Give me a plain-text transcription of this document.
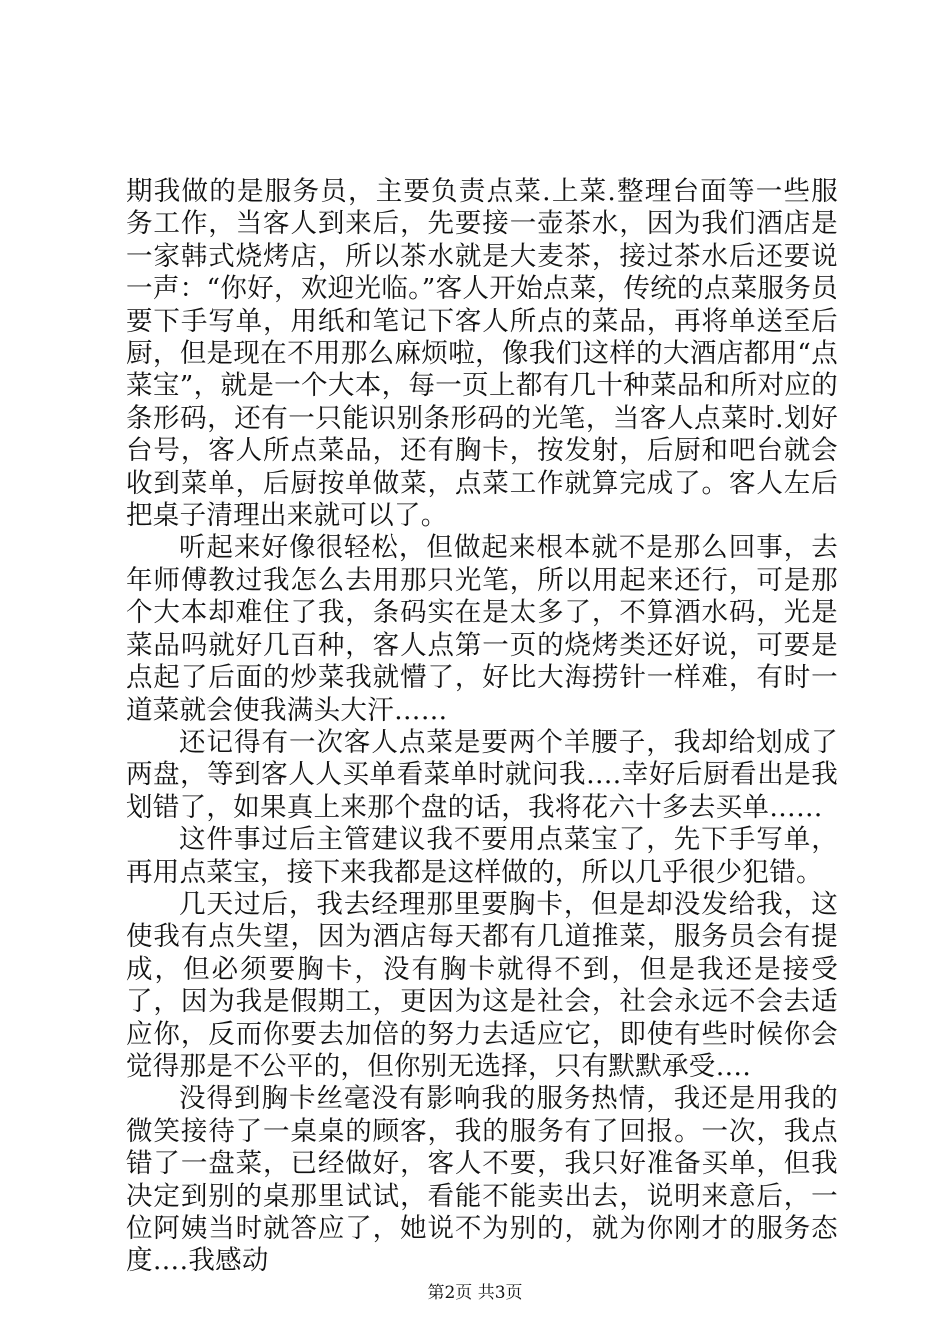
期我做的是服务员，主要负责点菜.上菜.整理台面等一些服务工作，当客人到来后，先要接一壶茶水，因为我们酒店是一家韩式烧烤店，所以茶水就是大麦茶，接过茶水后还要说一声：“你好，欢迎光临。”客人开始点菜，传统的点菜服务员要下手写单，用纸和笔记下客人所点的菜品，再将单送至后厨，但是现在不用那么麻烦啦，像我们这样的大酒店都用“点菜宝”，就是一个大本，每一页上都有几十种菜品和所对应的条形码，还有一只能识别条形码的光笔，当客人点菜时.划好台号，客人所点菜品，还有胸卡，按发射，后厨和吧台就会收到菜单，后厨按单做菜，点菜工作就算完成了。客人左后把桌子清理出来就可以了。

听起来好像很轻松，但做起来根本就不是那么回事，去年师傅教过我怎么去用那只光笔，所以用起来还行，可是那个大本却难住了我，条码实在是太多了，不算酒水码，光是菜品吗就好几百种，客人点第一页的烧烤类还好说，可要是点起了后面的炒菜我就懵了，好比大海捞针一样难，有时一道菜就会使我满头大汗……

还记得有一次客人点菜是要两个羊腰子，我却给划成了两盘，等到客人人买单看菜单时就问我….幸好后厨看出是我划错了，如果真上来那个盘的话，我将花六十多去买单……

这件事过后主管建议我不要用点菜宝了，先下手写单，再用点菜宝，接下来我都是这样做的，所以几乎很少犯错。

几天过后，我去经理那里要胸卡，但是却没发给我，这使我有点失望，因为酒店每天都有几道推菜，服务员会有提成，但必须要胸卡，没有胸卡就得不到，但是我还是接受了，因为我是假期工，更因为这是社会，社会永远不会去适应你，反而你要去加倍的努力去适应它，即使有些时候你会觉得那是不公平的，但你别无选择，只有默默承受….

没得到胸卡丝毫没有影响我的服务热情，我还是用我的微笑接待了一桌桌的顾客，我的服务有了回报。一次，我点错了一盘菜，已经做好，客人不要，我只好准备买单，但我决定到别的桌那里试试，看能不能卖出去，说明来意后，一位阿姨当时就答应了，她说不为别的，就为你刚才的服务态度….我感动

第2页 共3页
